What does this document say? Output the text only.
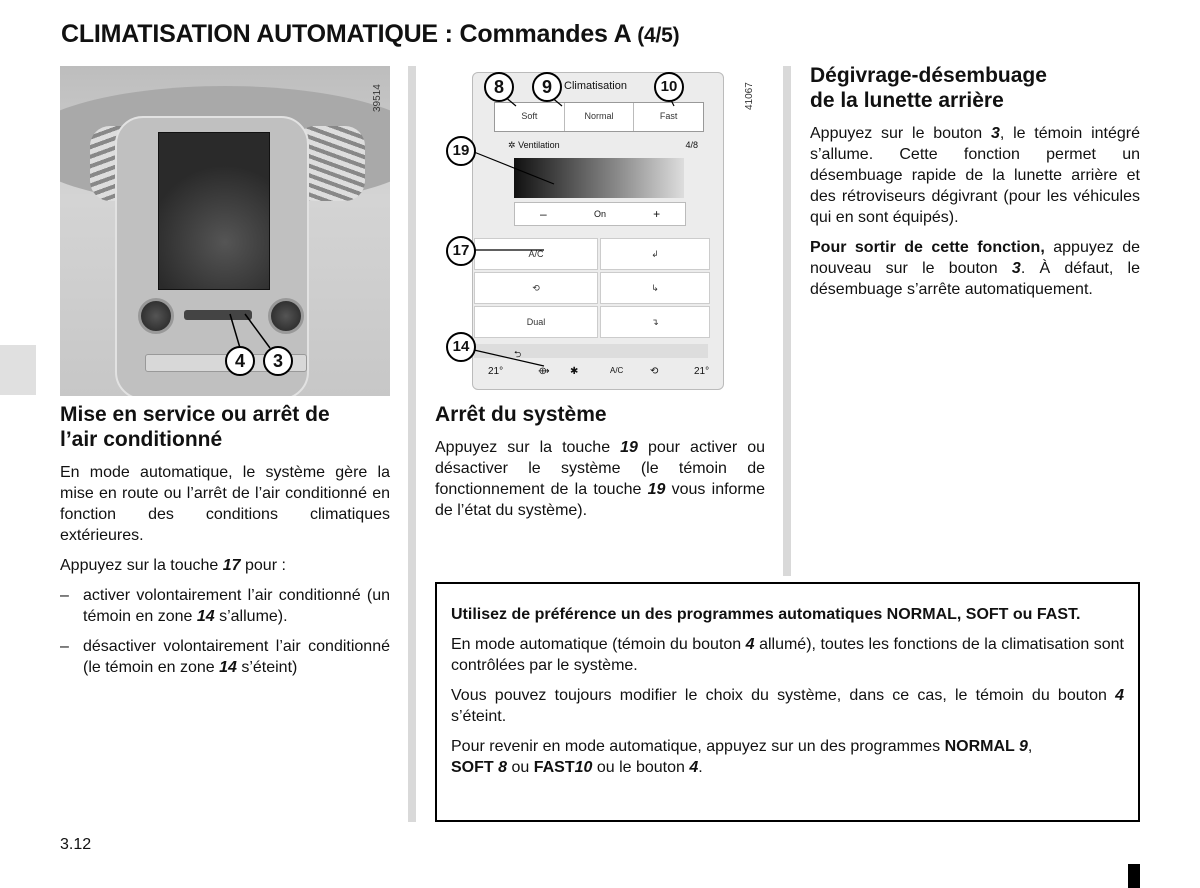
CLIMATISATION AUTOMATIQUE : Commandes A (4/5)
4	3
39514	Climatisation
Soft	Normal	Fast
✲ Ventilation	4/8
–	On	+
A/C	↲
⟲	↳
Dual	↴
⮌
21°	⟴ ✱	A/C	⟲	21°
8	9	10
19
17
14
41067
Mise en service ou arrêt de
l’air conditionné

En mode automatique, le système gère la mise en route ou l’arrêt de l’air conditionné en fonction des conditions climatiques extérieures.

Appuyez sur la touche 17 pour :

– activer volontairement l’air conditionné (un témoin en zone 14 s’allume).
– désactiver volontairement l’air conditionné (le témoin en zone 14 s’éteint)
Arrêt du système

Appuyez sur la touche 19 pour activer ou désactiver le système (le témoin de fonctionnement de la touche 19 vous informe de l’état du système).

Dégivrage-désembuage
de la lunette arrière

Appuyez sur le bouton 3, le témoin intégré s’allume. Cette fonction permet un désembuage rapide de la lunette arrière et des rétroviseurs dégivrant (pour les véhicules qui en sont équipés).

Pour sortir de cette fonction, appuyez de nouveau sur le bouton 3. À défaut, le désembuage s’arrête automatiquement.

Utilisez de préférence un des programmes automatiques NORMAL, SOFT ou FAST.

En mode automatique (témoin du bouton 4 allumé), toutes les fonctions de la climatisation sont contrôlées par le système.

Vous pouvez toujours modifier le choix du système, dans ce cas, le témoin du bouton 4 s’éteint.

Pour revenir en mode automatique, appuyez sur un des programmes NORMAL 9,
SOFT 8 ou FAST10 ou le bouton 4.

3.12
